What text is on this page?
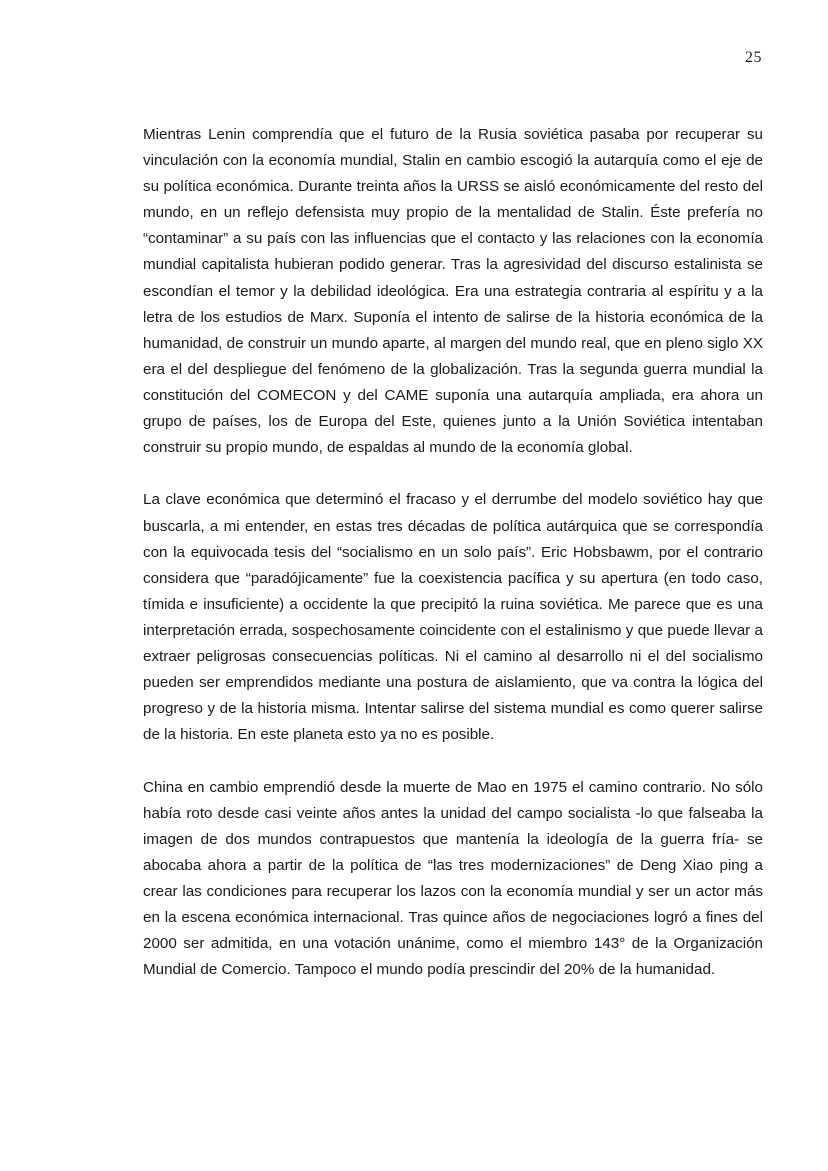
25

Mientras Lenin comprendía que el futuro de la Rusia soviética pasaba por recuperar su vinculación con la economía mundial, Stalin en cambio escogió la autarquía como el eje de su política económica. Durante treinta años la URSS se aisló económicamente del resto del mundo, en un reflejo defensista muy propio de la mentalidad de Stalin. Éste prefería no “contaminar” a su país con las influencias que el contacto y las relaciones con la economía mundial capitalista hubieran podido generar. Tras la agresividad del discurso estalinista se escondían el temor y la debilidad ideológica. Era una estrategia contraria al espíritu y a la letra de los estudios de Marx. Suponía el intento de salirse de la historia económica de la humanidad, de construir un mundo aparte, al margen del mundo real, que en pleno siglo XX era el del despliegue del fenómeno de la globalización. Tras la segunda guerra mundial la constitución del COMECON y del CAME suponía una autarquía ampliada, era ahora un grupo de países, los de Europa del Este, quienes junto a la Unión Soviética intentaban construir su propio mundo, de espaldas al mundo de la economía global.

La clave económica que determinó el fracaso y el derrumbe del modelo soviético hay que buscarla, a mi entender, en estas tres décadas de política autárquica que se correspondía con la equivocada tesis del “socialismo en un solo país”. Eric Hobsbawm, por el contrario considera que “paradójicamente” fue la coexistencia pacífica y su apertura (en todo caso, tímida e insuficiente) a occidente la que precipitó la ruina soviética. Me parece que es una interpretación errada, sospechosamente coincidente con el estalinismo y que puede llevar a extraer peligrosas consecuencias políticas. Ni el camino al desarrollo ni el del socialismo pueden ser emprendidos mediante una postura de aislamiento, que va contra la lógica del progreso y de la historia misma. Intentar salirse del sistema mundial es como querer salirse de la historia. En este planeta esto ya no es posible.

China en cambio emprendió desde la muerte de Mao en 1975 el camino contrario. No sólo había roto desde casi veinte años antes la unidad del campo socialista -lo que falseaba la imagen de dos mundos contrapuestos que mantenía la ideología de la guerra fría- se abocaba ahora a partir de la política de “las tres modernizaciones” de Deng Xiao ping a crear las condiciones para recuperar los lazos con la economía mundial y ser un actor más en la escena económica internacional. Tras quince años de negociaciones logró a fines del 2000 ser admitida, en una votación unánime, como el miembro 143° de la Organización Mundial de Comercio. Tampoco el mundo podía prescindir del 20% de la humanidad.
